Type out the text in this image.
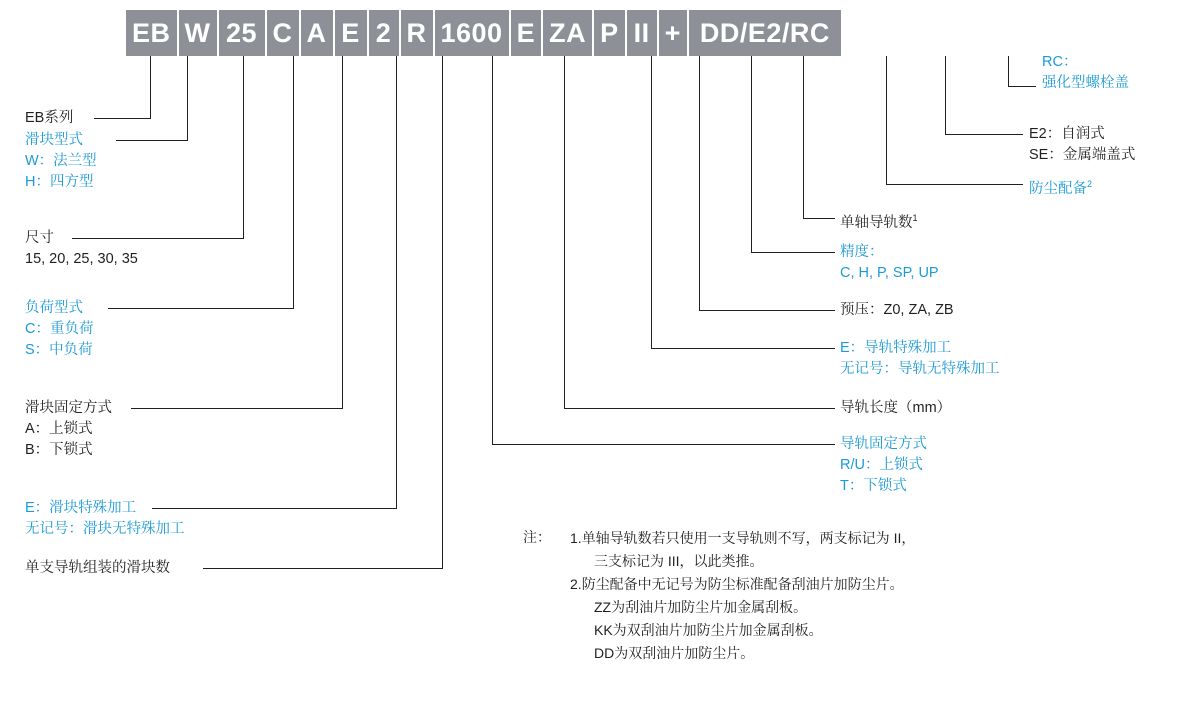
EB W 25 C A E 2 R 1600 E ZA P II + DD/E2/RC
EB系列
滑块型式
W：法兰型
H：四方型
尺寸
15, 20, 25, 30, 35
负荷型式
C：重负荷
S：中负荷
滑块固定方式
A：上锁式
B：下锁式
E：滑块特殊加工
无记号：滑块无特殊加工
单支导轨组装的滑块数
RC：
强化型螺栓盖
E2：自润式
SE：金属端盖式
防尘配备$^2$
单轴导轨数$^1$
精度：
C, H, P, SP, UP
预压：Z0, ZA, ZB
E：导轨特殊加工
无记号：导轨无特殊加工
导轨长度（mm）
导轨固定方式
R/U：上锁式
T：下锁式
注： 1.单轴导轨数若只使用一支导轨则不写，两支标记为 II，
三支标记为 III，以此类推。
2.防尘配备中无记号为防尘标准配备刮油片加防尘片。
ZZ为刮油片加防尘片加金属刮板。
KK为双刮油片加防尘片加金属刮板。
DD为双刮油片加防尘片。
